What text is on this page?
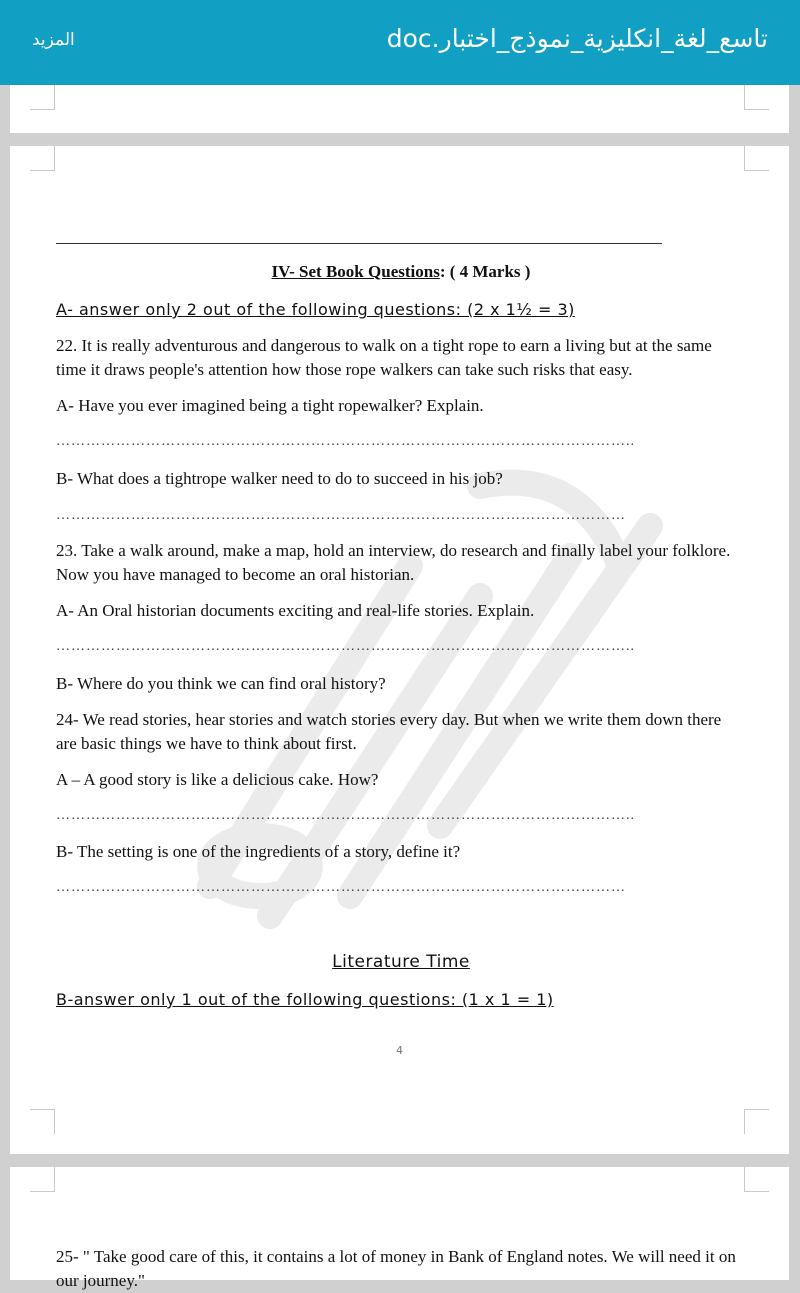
المزيد	تاسع_لغة_انكليزية_نموذج_اختبار.doc
IV- Set Book Questions: ( 4 Marks )
A- answer only 2 out of the following questions: (2 x 1½ = 3)
22. It is really adventurous and dangerous to walk on a tight rope to earn a living but at the same time it draws people's attention how those rope walkers can take such risks that easy.
A- Have you ever imagined being a tight ropewalker? Explain.
……………………………………………………………………………………………………..
B- What does a tightrope walker need to do to succeed in his job?
……………………………………………………………………………………………………
23. Take a walk around, make a map, hold an interview, do research and finally label your folklore. Now you have managed to become an oral historian.
A- An Oral historian documents exciting and real-life stories. Explain.
……………………………………………………………………………………………………..
B- Where do you think we can find oral history?
24- We read stories, hear stories and watch stories every day. But when we write them down there are basic things we have to think about first.
A – A good story is like a delicious cake. How?
……………………………………………………………………………………………………..
B- The setting is one of the ingredients of a story, define it?
……………………………………………………………………………………………………
Literature Time
B-answer only 1 out of the following questions: (1 x 1 = 1)
4
25- " Take good care of this, it contains a lot of money in Bank of England notes. We will need it on our journey."
